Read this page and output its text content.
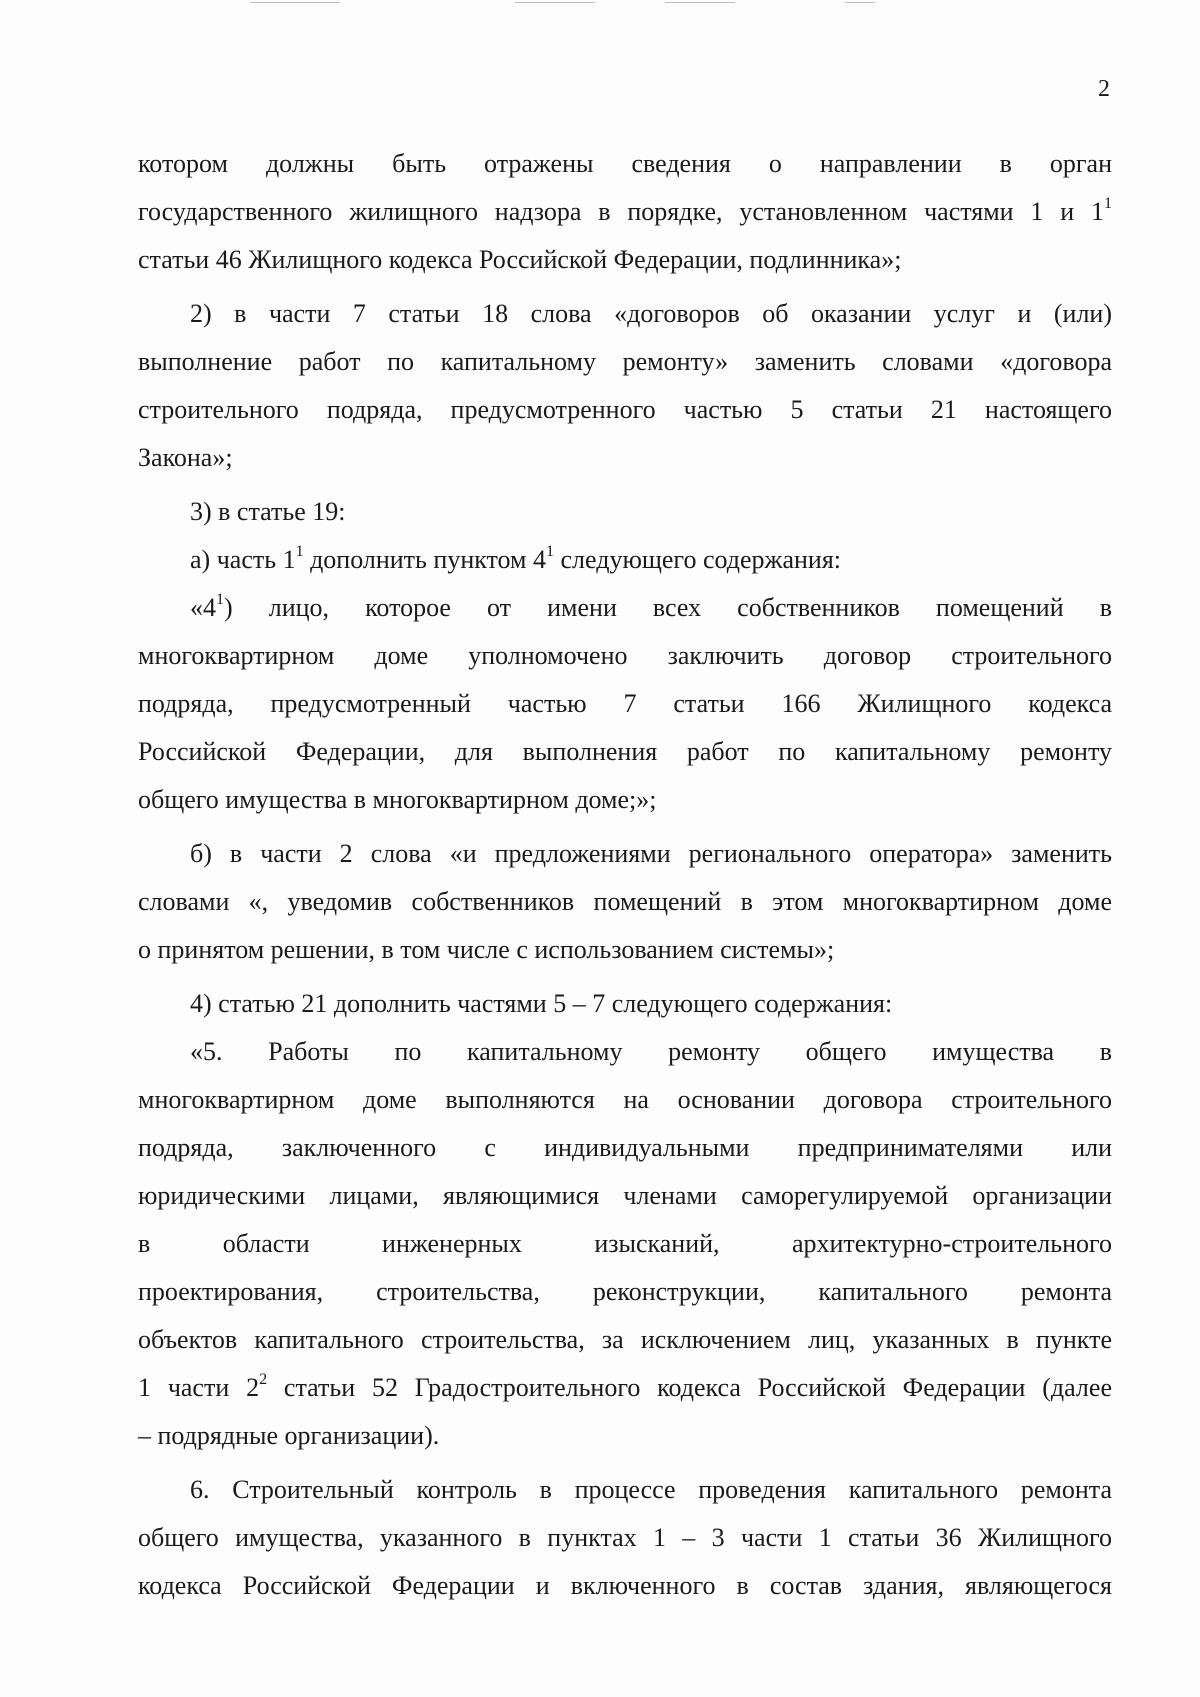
2
котором должны быть отражены сведения о направлении в орган
государственного жилищного надзора в порядке, установленном частями 1 и $1^1$
статьи 46 Жилищного кодекса Российской Федерации, подлинника»;
2) в части 7 статьи 18 слова «договоров об оказании услуг и (или)
выполнение работ по капитальному ремонту» заменить словами «договора
строительного подряда, предусмотренного частью 5 статьи 21 настоящего
Закона»;
3) в статье 19:
а) часть $1^1$ дополнить пунктом $4^1$ следующего содержания:
«$4^1$) лицо, которое от имени всех собственников помещений в
многоквартирном доме уполномочено заключить договор строительного
подряда, предусмотренный частью 7 статьи 166 Жилищного кодекса
Российской Федерации, для выполнения работ по капитальному ремонту
общего имущества в многоквартирном доме;»;
б) в части 2 слова «и предложениями регионального оператора» заменить
словами «, уведомив собственников помещений в этом многоквартирном доме
о принятом решении, в том числе с использованием системы»;
4) статью 21 дополнить частями 5 – 7 следующего содержания:
«5. Работы по капитальному ремонту общего имущества в
многоквартирном доме выполняются на основании договора строительного
подряда, заключенного с индивидуальными предпринимателями или
юридическими лицами, являющимися членами саморегулируемой организации
в области инженерных изысканий, архитектурно-строительного
проектирования, строительства, реконструкции, капитального ремонта
объектов капитального строительства, за исключением лиц, указанных в пункте
1 части $2^2$ статьи 52 Градостроительного кодекса Российской Федерации (далее
– подрядные организации).
6. Строительный контроль в процессе проведения капитального ремонта
общего имущества, указанного в пунктах 1 – 3 части 1 статьи 36 Жилищного
кодекса Российской Федерации и включенного в состав здания, являющегося
